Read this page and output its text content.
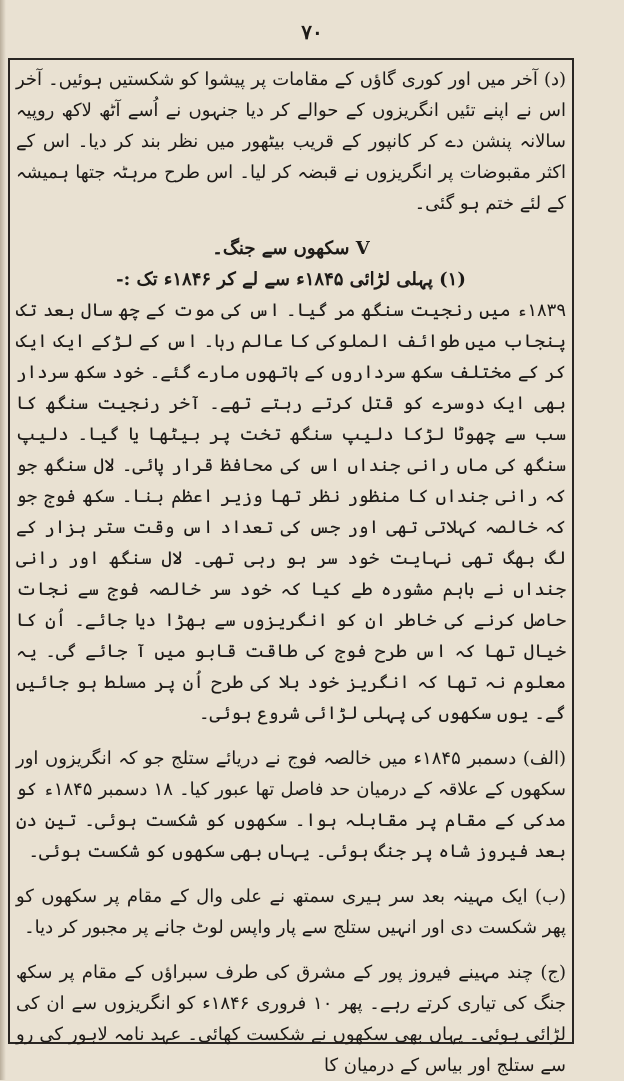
۷۰

(د) آخر میں اور کوری گاؤں کے مقامات پر پیشوا کو شکستیں ہوئیں۔ آخر اس نے اپنے تئیں انگریزوں کے حوالے کر دیا جنہوں نے اُسے آٹھ لاکھ روپیہ سالانہ پنشن دے کر کانپور کے قریب بیٹھور میں نظر بند کر دیا۔ اس کے اکثر مقبوضات پر انگریزوں نے قبضہ کر لیا۔ اس طرح مرہٹہ جتھا ہمیشہ کے لئے ختم ہو گئی۔

V سکھوں سے جنگ۔

(۱) پہلی لڑائی ۱۸۴۵ء سے لے کر ۱۸۴۶ء تک :-

۱۸۳۹ء میں رنجیت سنگھ مر گیا۔ اس کی موت کے چھ سال بعد تک پنجاب میں طوائف الملوکی کا عالم رہا۔ اس کے لڑکے ایک ایک کر کے مختلف سکھ سرداروں کے ہاتھوں مارے گئے۔ خود سکھ سردار بھی ایک دوسرے کو قتل کرتے رہتے تھے۔ آخر رنجیت سنگھ کا سب سے چھوٹا لڑکا دلیپ سنگھ تخت پر بیٹھا یا گیا۔ دلیپ سنگھ کی ماں رانی جنداں اس کی محافظ قرار پائی۔ لال سنگھ جو کہ رانی جنداں کا منظور نظر تھا وزیر اعظم بنا۔ سکھ فوج جو کہ خالصہ کہلاتی تھی اور جس کی تعداد اس وقت ستر ہزار کے لگ بھگ تھی نہایت خود سر ہو رہی تھی۔ لال سنگھ اور رانی جنداں نے باہم مشورہ طے کیا کہ خود سر خالصہ فوج سے نجات حاصل کرنے کی خاطر ان کو انگریزوں سے بھڑا دیا جائے۔ اُن کا خیال تھا کہ اس طرح فوج کی طاقت قابو میں آ جائے گی۔ یہ معلوم نہ تھا کہ انگریز خود بلا کی طرح اُن پر مسلط ہو جائیں گے۔ یوں سکھوں کی پہلی لڑائی شروع ہوئی۔

(الف) دسمبر ۱۸۴۵ء میں خالصہ فوج نے دریائے ستلج جو کہ انگریزوں اور سکھوں کے علاقہ کے درمیان حد فاصل تھا عبور کیا۔ ۱۸ دسمبر ۱۸۴۵ء کو مدکی کے مقام پر مقابلہ ہوا۔ سکھوں کو شکست ہوئی۔ تین دن بعد فیروز شاہ پر جنگ ہوئی۔ یہاں بھی سکھوں کو شکست ہوئی۔

(ب) ایک مہینہ بعد سر ہیری سمتھ نے علی وال کے مقام پر سکھوں کو پھر شکست دی اور انہیں ستلج سے پار واپس لوٹ جانے پر مجبور کر دیا۔

(ج) چند مہینے فیروز پور کے مشرق کی طرف سبراؤں کے مقام پر سکھ جنگ کی تیاری کرتے رہے۔ پھر ۱۰ فروری ۱۸۴۶ء کو انگریزوں سے ان کی لڑائی ہوئی۔ یہاں بھی سکھوں نے شکست کھائی۔ عہد نامہ لاہور کی رو سے ستلج اور بیاس کے درمیان کا
